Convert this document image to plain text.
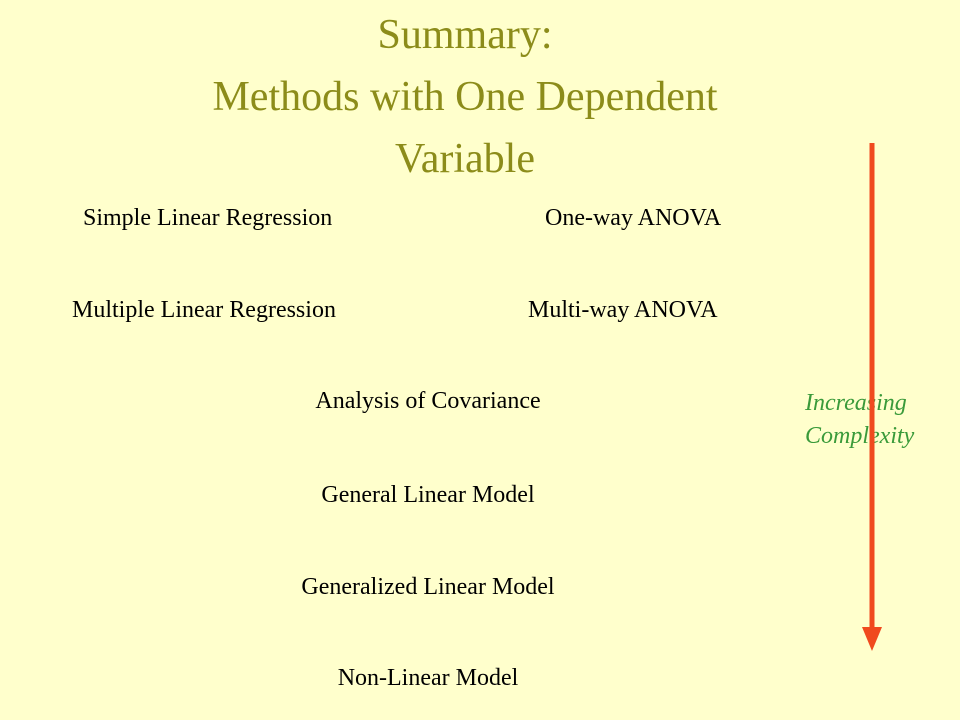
Summary:
Methods with One Dependent
Variable
Simple Linear Regression	One-way ANOVA
Multiple Linear Regression	Multi-way ANOVA
Analysis of Covariance
General Linear Model
Generalized Linear Model
Non-Linear Model
Increasing
Complexity
